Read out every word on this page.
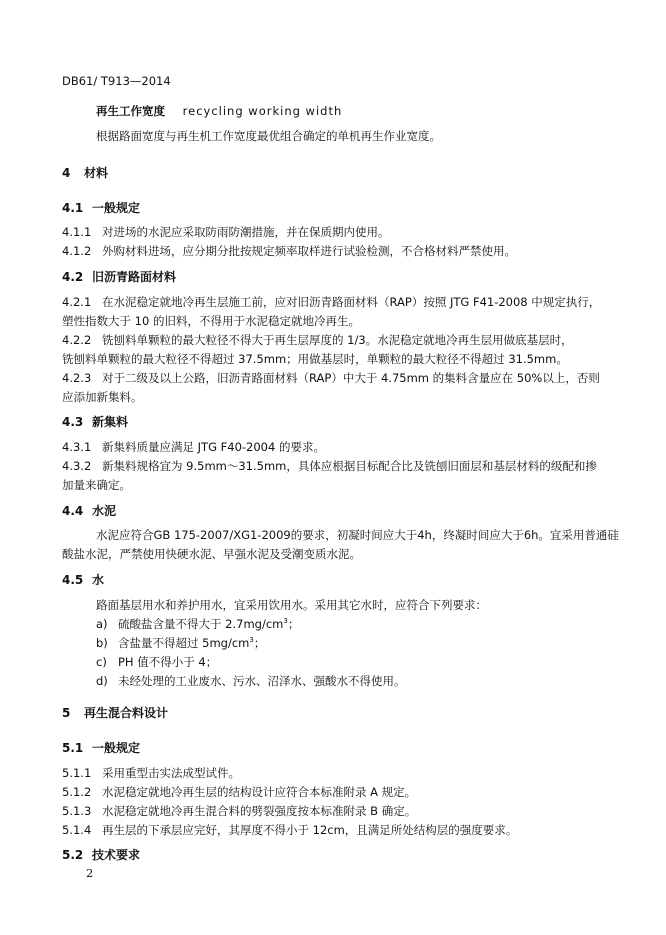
DB61/ T913—2014
再生工作宽度 recycling working width
根据路面宽度与再生机工作宽度最优组合确定的单机再生作业宽度。
4 材料
4.1 一般规定
4.1.1 对进场的水泥应采取防雨防潮措施，并在保质期内使用。
4.1.2 外购材料进场，应分期分批按规定频率取样进行试验检测，不合格材料严禁使用。
4.2 旧沥青路面材料
4.2.1 在水泥稳定就地冷再生层施工前，应对旧沥青路面材料（RAP）按照 JTG F41-2008 中规定执行，
塑性指数大于 10 的旧料，不得用于水泥稳定就地冷再生。
4.2.2 铣刨料单颗粒的最大粒径不得大于再生层厚度的 1/3。水泥稳定就地冷再生层用做底基层时，
铣刨料单颗粒的最大粒径不得超过 37.5mm；用做基层时，单颗粒的最大粒径不得超过 31.5mm。
4.2.3 对于二级及以上公路，旧沥青路面材料（RAP）中大于 4.75mm 的集料含量应在 50%以上，否则
应添加新集料。
4.3 新集料
4.3.1 新集料质量应满足 JTG F40-2004 的要求。
4.3.2 新集料规格宜为 9.5mm～31.5mm，具体应根据目标配合比及铣刨旧面层和基层材料的级配和掺
加量来确定。
4.4 水泥
水泥应符合GB 175-2007/XG1-2009的要求，初凝时间应大于4h，终凝时间应大于6h。宜采用普通硅
酸盐水泥，严禁使用快硬水泥、早强水泥及受潮变质水泥。
4.5 水
路面基层用水和养护用水，宜采用饮用水。采用其它水时，应符合下列要求：
a) 硫酸盐含量不得大于 $2.7mg/cm^3$；
b) 含盐量不得超过 $5mg/cm^3$；
c) PH 值不得小于 4；
d) 未经处理的工业废水、污水、沼泽水、强酸水不得使用。
5 再生混合料设计
5.1 一般规定
5.1.1 采用重型击实法成型试件。
5.1.2 水泥稳定就地冷再生层的结构设计应符合本标准附录 A 规定。
5.1.3 水泥稳定就地冷再生混合料的劈裂强度按本标准附录 B 确定。
5.1.4 再生层的下承层应完好，其厚度不得小于 12cm，且满足所处结构层的强度要求。
5.2 技术要求
2
